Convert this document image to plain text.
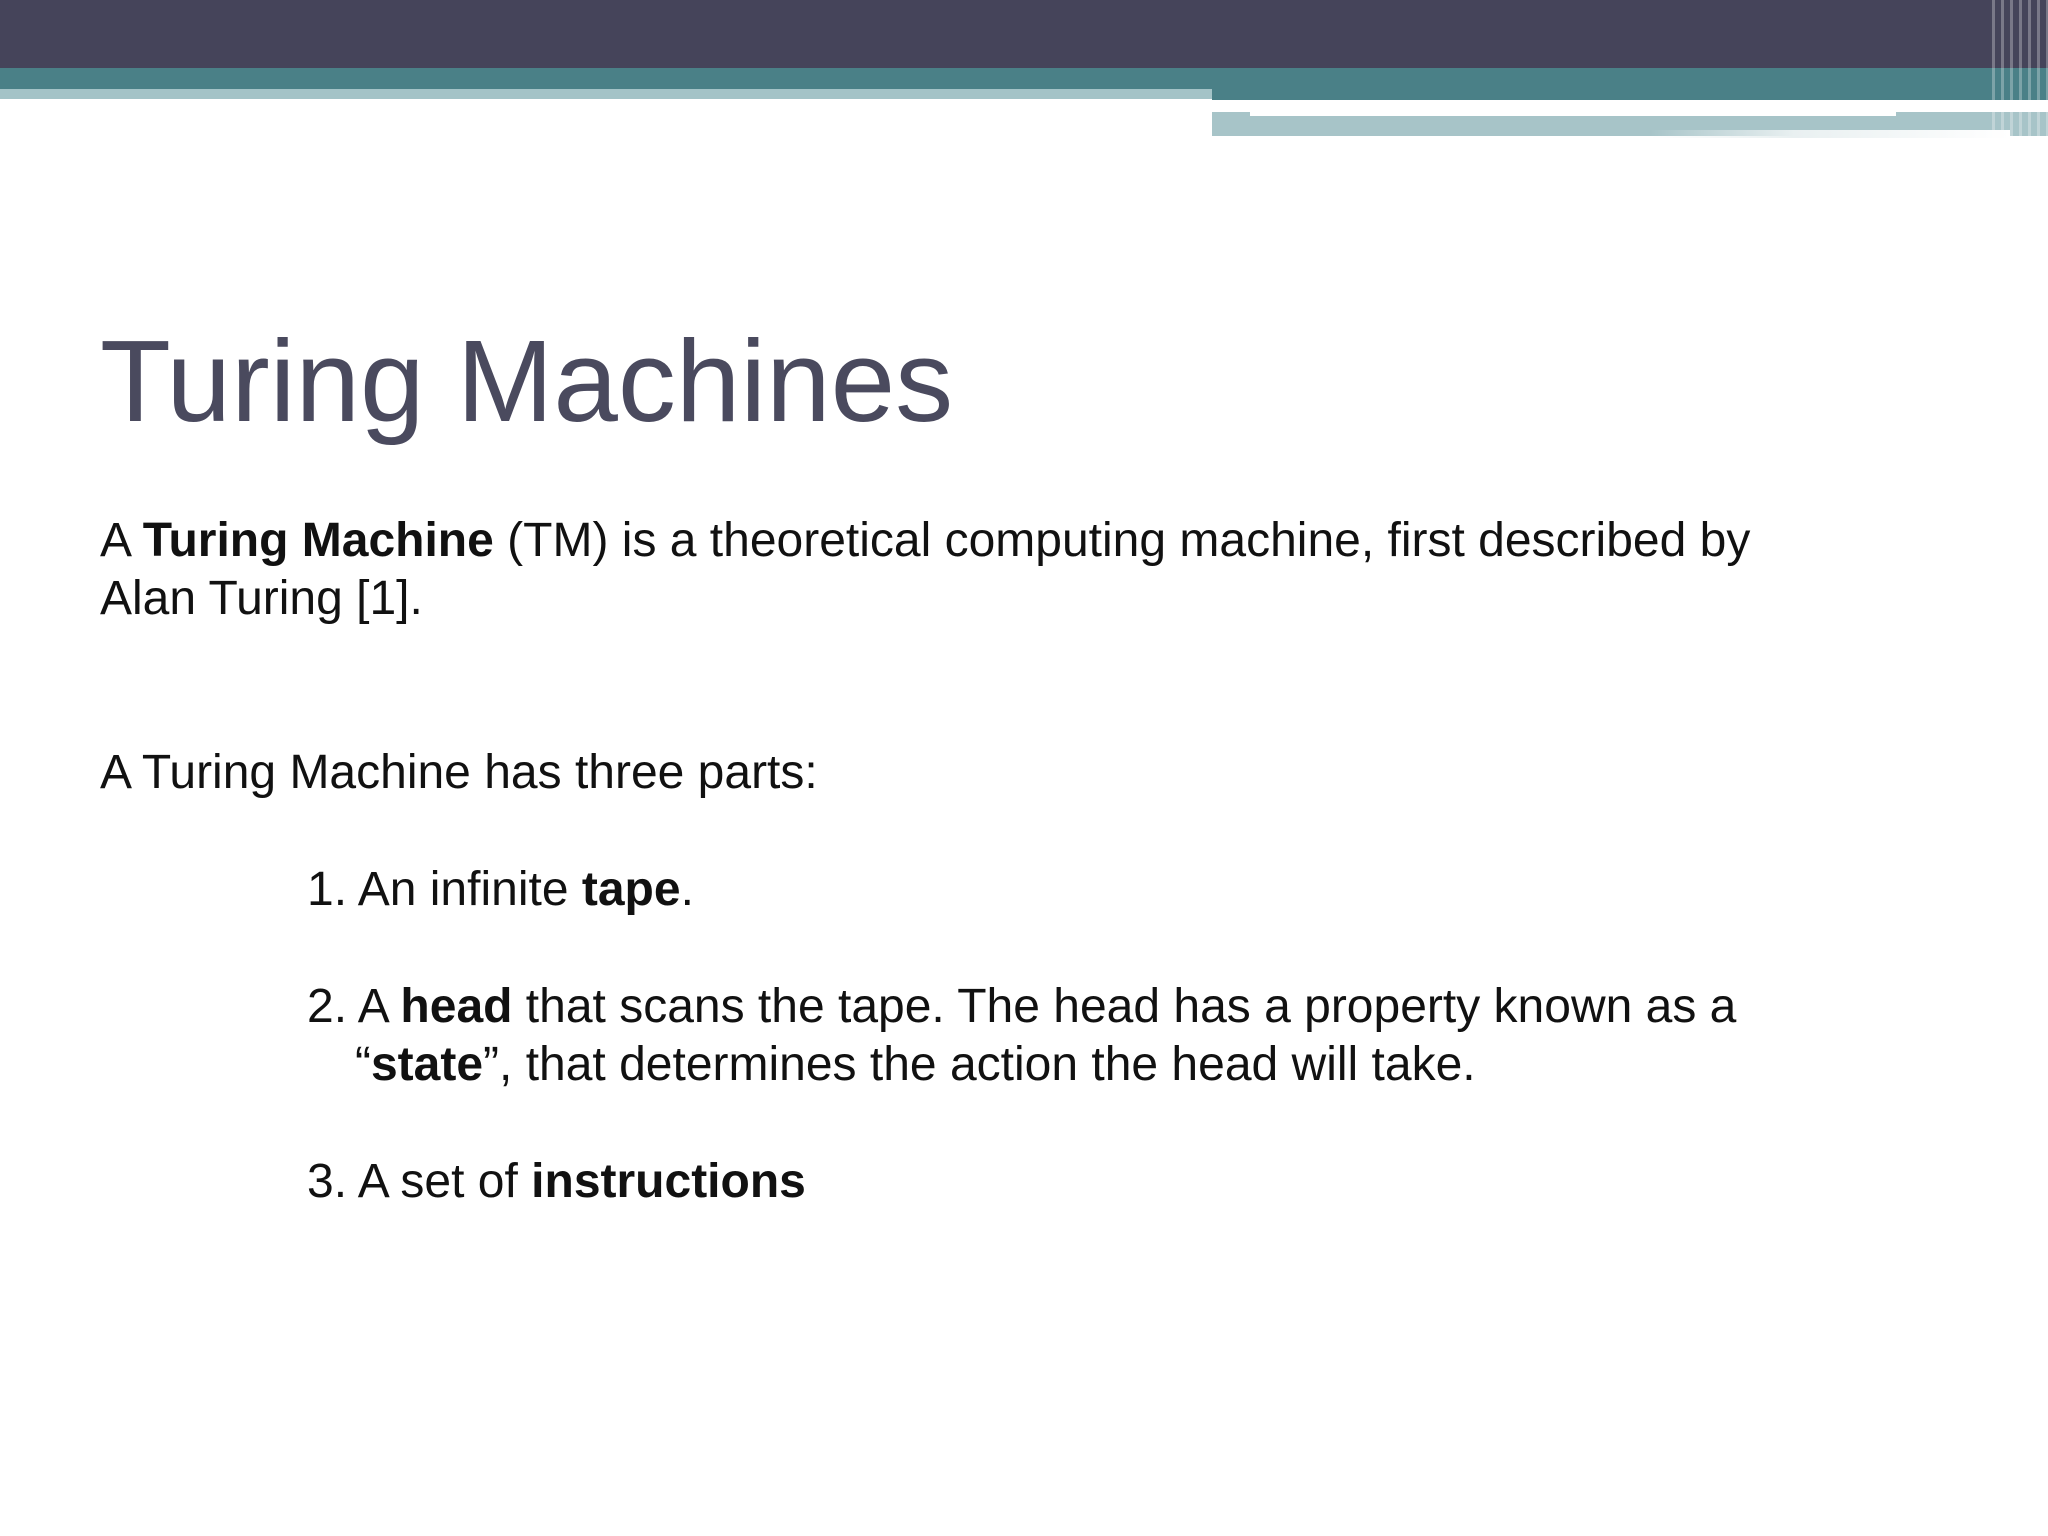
Turing Machines

A Turing Machine (TM) is a theoretical computing machine, first described by
Alan Turing [1].

A Turing Machine has three parts:

1. An infinite tape.
2. A head that scans the tape. The head has a property known as a
“state”, that determines the action the head will take.
3. A set of instructions
